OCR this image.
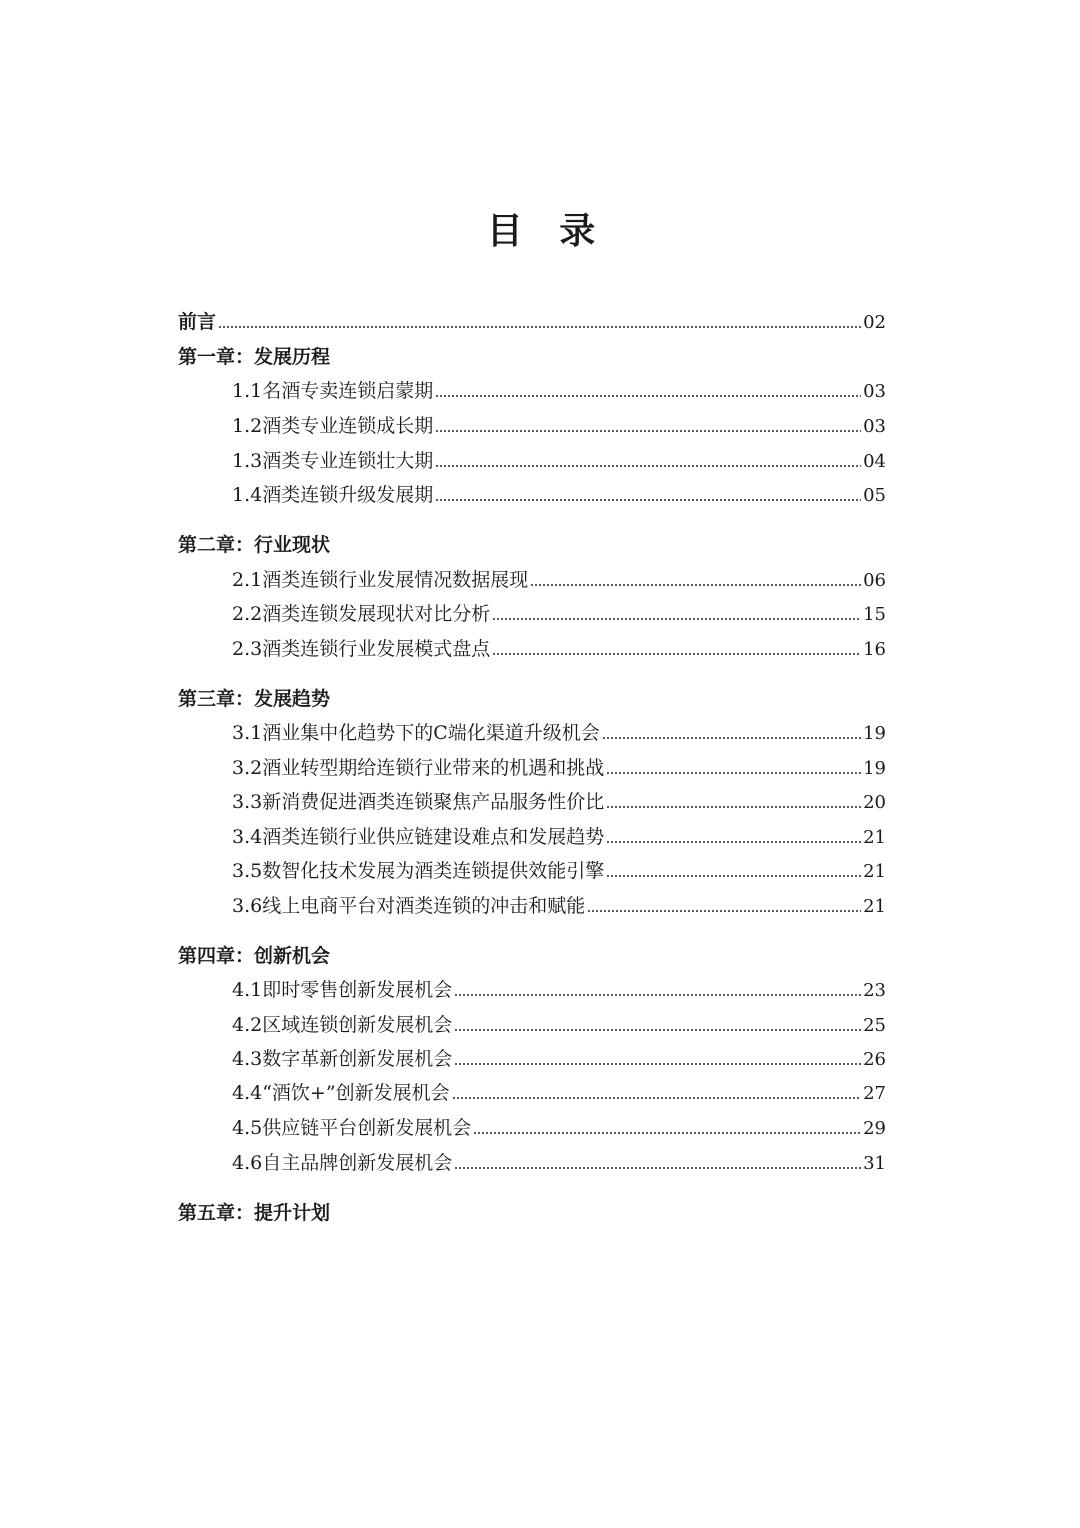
目 录
前言	02
第一章：发展历程
1.1名酒专卖连锁启蒙期	03
1.2酒类专业连锁成长期	03
1.3酒类专业连锁壮大期	04
1.4酒类连锁升级发展期	05
第二章：行业现状
2.1酒类连锁行业发展情况数据展现	06
2.2酒类连锁发展现状对比分析	15
2.3酒类连锁行业发展模式盘点	16
第三章：发展趋势
3.1酒业集中化趋势下的C端化渠道升级机会	19
3.2酒业转型期给连锁行业带来的机遇和挑战	19
3.3新消费促进酒类连锁聚焦产品服务性价比	20
3.4酒类连锁行业供应链建设难点和发展趋势	21
3.5数智化技术发展为酒类连锁提供效能引擎	21
3.6线上电商平台对酒类连锁的冲击和赋能	21
第四章：创新机会
4.1即时零售创新发展机会	23
4.2区域连锁创新发展机会	25
4.3数字革新创新发展机会	26
4.4“酒饮+”创新发展机会	27
4.5供应链平台创新发展机会	29
4.6自主品牌创新发展机会	31
第五章：提升计划
